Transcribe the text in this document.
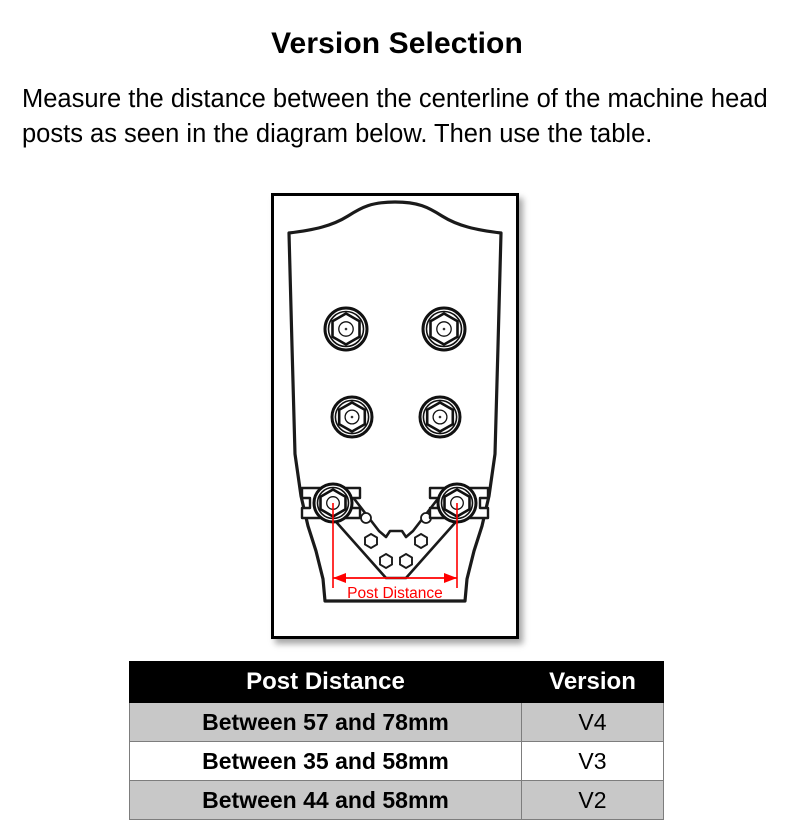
Version Selection
Measure the distance between the centerline of the machine head posts as seen in the diagram below. Then use the table.
Post Distance
Post Distance	Version
Between 57 and 78mm	V4
Between 35 and 58mm	V3
Between 44 and 58mm	V2
